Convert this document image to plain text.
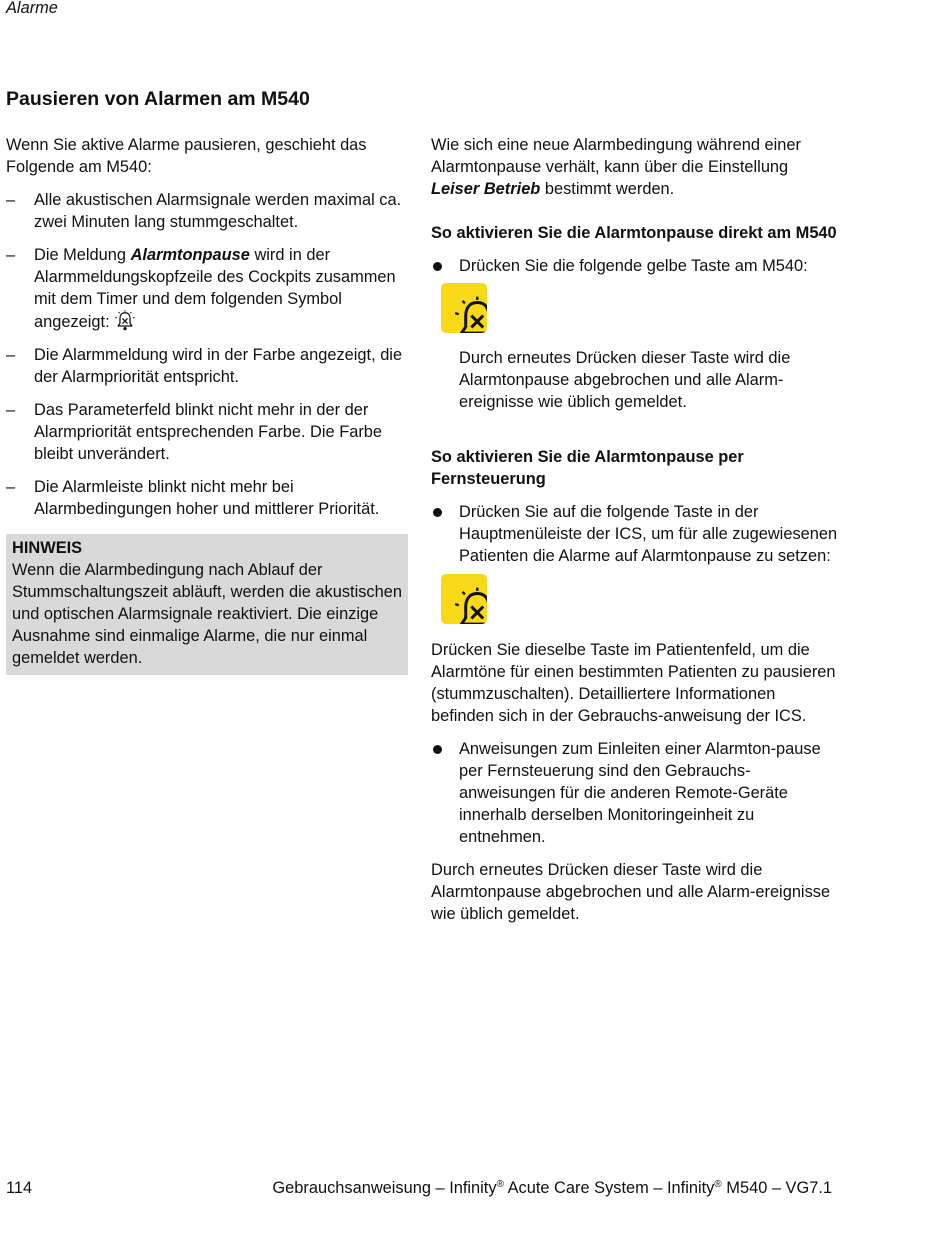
Alarme
Pausieren von Alarmen am M540

Wenn Sie aktive Alarme pausieren, geschieht das Folgende am M540:

– Alle akustischen Alarmsignale werden maximal ca. zwei Minuten lang stummgeschaltet.
– Die Meldung Alarmtonpause wird in der Alarmmeldungskopfzeile des Cockpits zusammen mit dem Timer und dem folgenden Symbol angezeigt:
– Die Alarmmeldung wird in der Farbe angezeigt, die der Alarmpriorität entspricht.
– Das Parameterfeld blinkt nicht mehr in der der Alarmpriorität entsprechenden Farbe. Die Farbe bleibt unverändert.
– Die Alarmleiste blinkt nicht mehr bei Alarmbedingungen hoher und mittlerer Priorität.
HINWEIS
Wenn die Alarmbedingung nach Ablauf der Stummschaltungszeit abläuft, werden die akustischen und optischen Alarmsignale reaktiviert. Die einzige Ausnahme sind einmalige Alarme, die nur einmal gemeldet werden.

Wie sich eine neue Alarmbedingung während einer Alarmtonpause verhält, kann über die Einstellung Leiser Betrieb bestimmt werden.

So aktivieren Sie die Alarmtonpause direkt am M540

Drücken Sie die folgende gelbe Taste am M540:

Durch erneutes Drücken dieser Taste wird die Alarmtonpause abgebrochen und alle Alarm-ereignisse wie üblich gemeldet.

So aktivieren Sie die Alarmtonpause per Fernsteuerung

Drücken Sie auf die folgende Taste in der Hauptmenüleiste der ICS, um für alle zugewiesenen Patienten die Alarme auf Alarmtonpause zu setzen:

Drücken Sie dieselbe Taste im Patientenfeld, um die Alarmtöne für einen bestimmten Patienten zu pausieren (stummzuschalten). Detailliertere Informationen befinden sich in der Gebrauchs-anweisung der ICS.

Anweisungen zum Einleiten einer Alarmton-pause per Fernsteuerung sind den Gebrauchs-anweisungen für die anderen Remote-Geräte innerhalb derselben Monitoringeinheit zu entnehmen.

Durch erneutes Drücken dieser Taste wird die Alarmtonpause abgebrochen und alle Alarm-ereignisse wie üblich gemeldet.

114	Gebrauchsanweisung – Infinity® Acute Care System – Infinity® M540 – VG7.1
